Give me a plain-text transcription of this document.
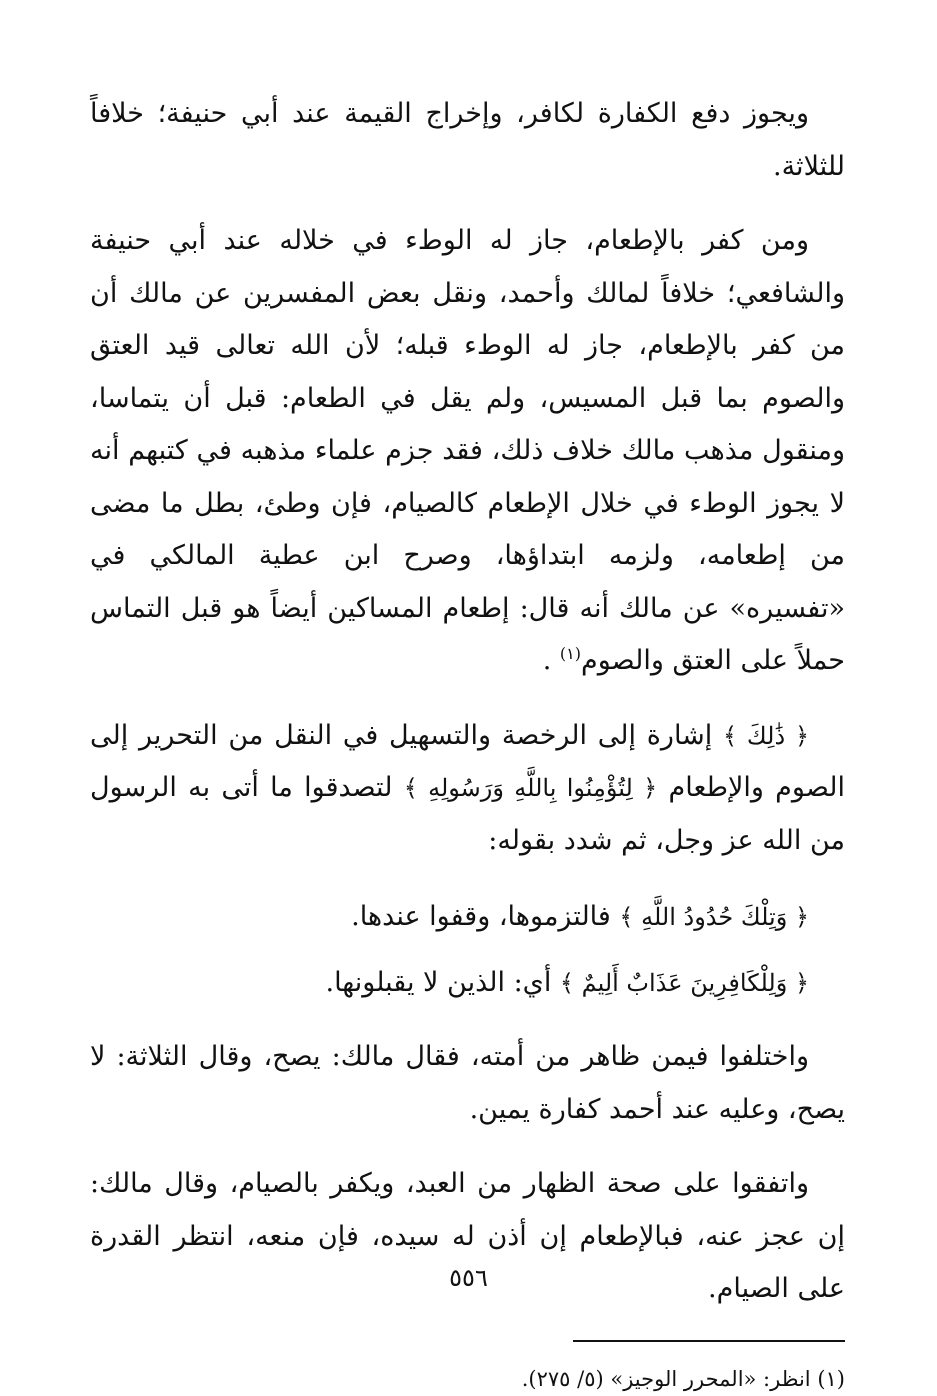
ويجوز دفع الكفارة لكافر، وإخراج القيمة عند أبي حنيفة؛ خلافاً للثلاثة.

ومن كفر بالإطعام، جاز له الوطء في خلاله عند أبي حنيفة والشافعي؛ خلافاً لمالك وأحمد، ونقل بعض المفسرين عن مالك أن من كفر بالإطعام، جاز له الوطء قبله؛ لأن الله تعالى قيد العتق والصوم بما قبل المسيس، ولم يقل في الطعام: قبل أن يتماسا، ومنقول مذهب مالك خلاف ذلك، فقد جزم علماء مذهبه في كتبهم أنه لا يجوز الوطء في خلال الإطعام كالصيام، فإن وطئ، بطل ما مضى من إطعامه، ولزمه ابتداؤها، وصرح ابن عطية المالكي في «تفسيره» عن مالك أنه قال: إطعام المساكين أيضاً هو قبل التماس حملاً على العتق والصوم$^{(١)}$ .

﴿ ذَٰلِكَ ﴾ إشارة إلى الرخصة والتسهيل في النقل من التحرير إلى الصوم والإطعام ﴿ لِتُؤْمِنُوا بِاللَّهِ وَرَسُولِهِ ﴾ لتصدقوا ما أتى به الرسول من الله عز وجل، ثم شدد بقوله:

﴿ وَتِلْكَ حُدُودُ اللَّهِ ﴾ فالتزموها، وقفوا عندها.

﴿ وَلِلْكَافِرِينَ عَذَابٌ أَلِيمٌ ﴾ أي: الذين لا يقبلونها.

واختلفوا فيمن ظاهر من أمته، فقال مالك: يصح، وقال الثلاثة: لا يصح، وعليه عند أحمد كفارة يمين.

واتفقوا على صحة الظهار من العبد، ويكفر بالصيام، وقال مالك: إن عجز عنه، فبالإطعام إن أذن له سيده، فإن منعه، انتظر القدرة على الصيام.

(١) انظر: «المحرر الوجيز» (٥/ ٢٧٥).

٥٥٦
